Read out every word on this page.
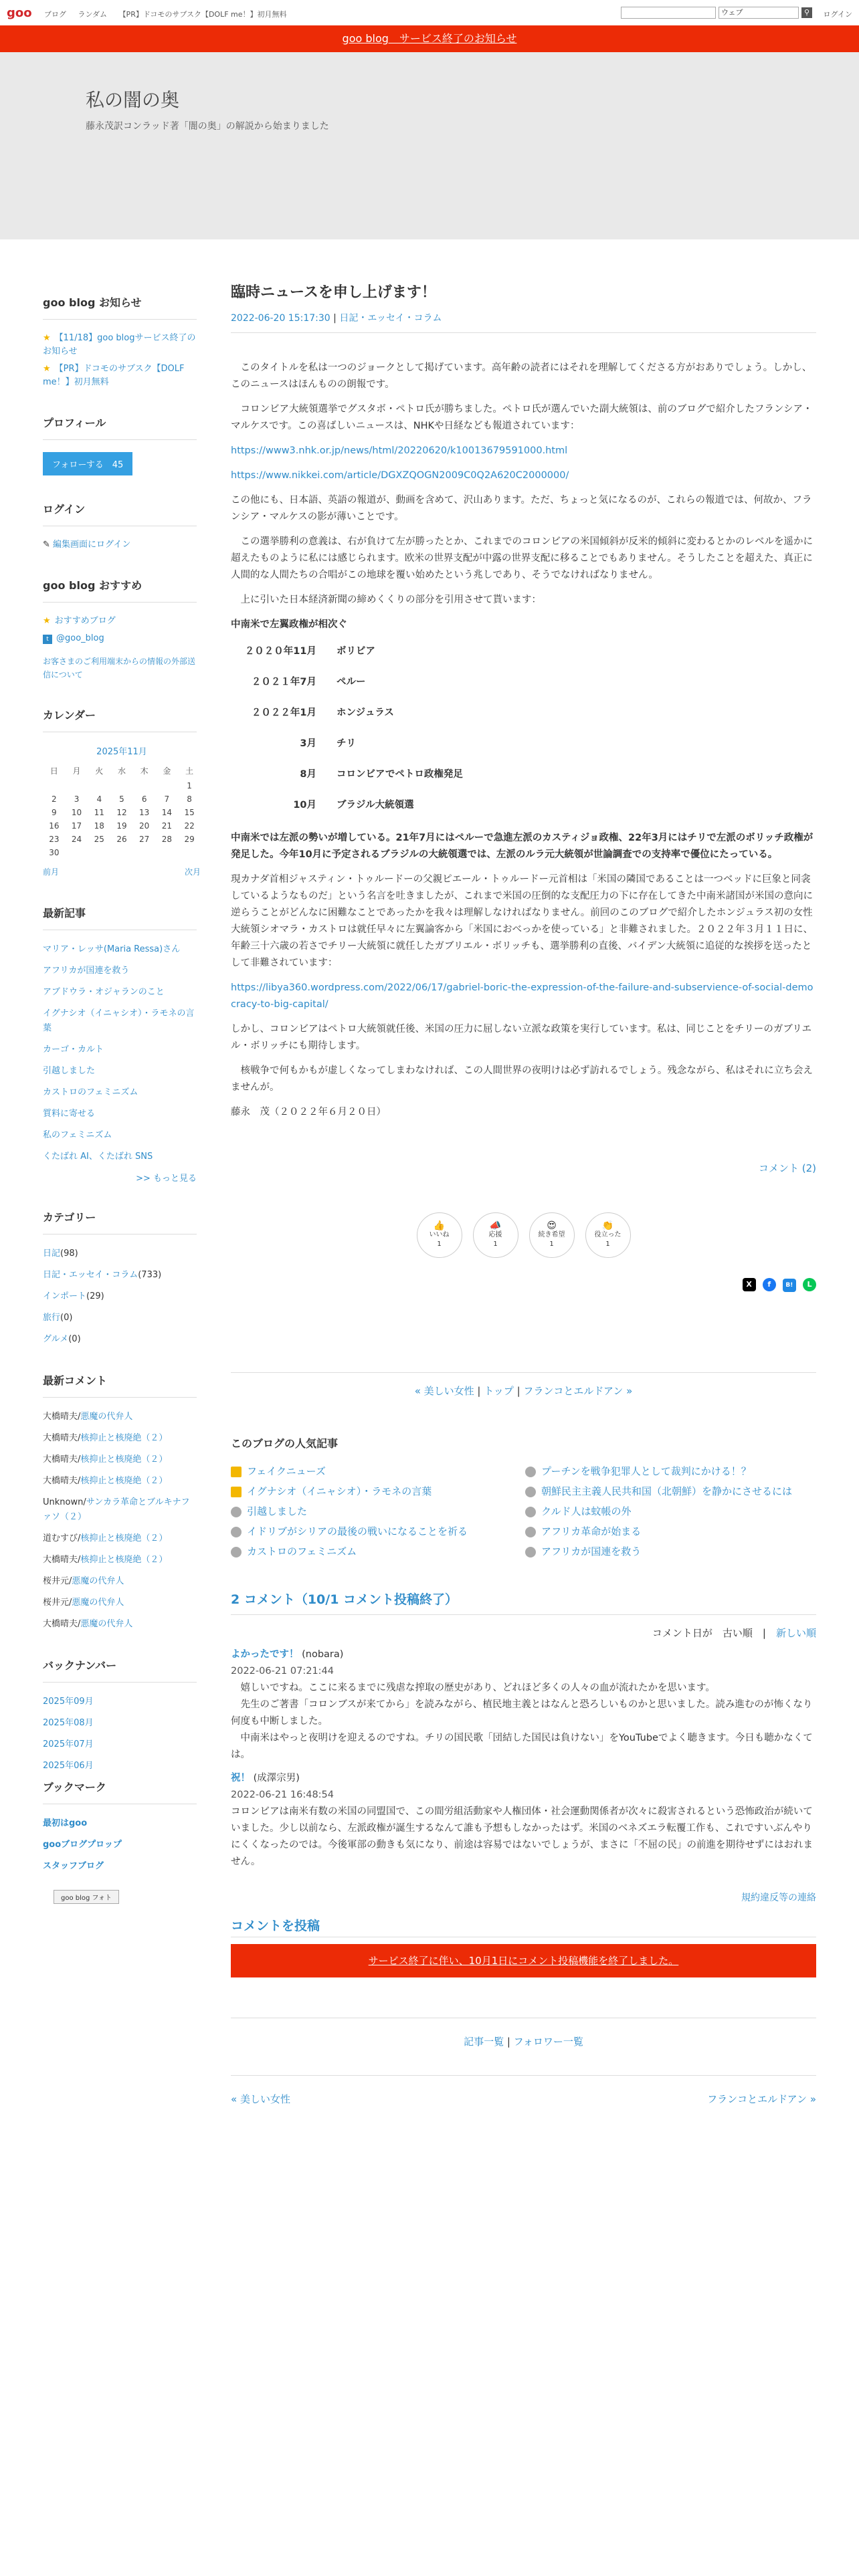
goo ブログ ランダム 【PR】ドコモのサブスク【DOLF me！】初月無料	ウェブ	⚲	ログイン
goo blog　サービス終了のお知らせ
私の闇の奥

藤永茂訳コンラッド著「闇の奥」の解説から始まりました

goo blog お知らせ
★ 【11/18】goo blogサービス終了のお知らせ
★ 【PR】ドコモのサブスク【DOLF me！】初月無料
プロフィール
フォローする　 45
ログイン
✎ 編集画面にログイン
goo blog おすすめ
★ おすすめブログ
t @goo_blog
お客さまのご利用端末からの情報の外部送信について
カレンダー
2025年11月
日	月	火	水	木	金	土
						1
2	3	4	5	6	7	8
9	10	11	12	13	14	15
16	17	18	19	20	21	22
23	24	25	26	27	28	29
30						
前月	次月
最新記事
マリア・レッサ(Maria Ressa)さん
アフリカが国連を救う
アブドウラ・オジャランのこと
イグナシオ（イニャシオ）・ラモネの言葉
カーゴ・カルト
引越しました
カストロのフェミニズム
質料に寄せる
私のフェミニズム
くたばれ AI、くたばれ SNS
>> もっと見る
カテゴリー
日記(98)
日記・エッセイ・コラム(733)
インポート(29)
旅行(0)
グルメ(0)
最新コメント
大橋晴夫/悪魔の代弁人
大橋晴夫/核抑止と核廃絶（２）
大橋晴夫/核抑止と核廃絶（２）
大橋晴夫/核抑止と核廃絶（２）
Unknown/サンカラ革命とブルキナファソ（２）
道むすび/核抑止と核廃絶（２）
大橋晴夫/核抑止と核廃絶（２）
桜井元/悪魔の代弁人
桜井元/悪魔の代弁人
大橋晴夫/悪魔の代弁人
バックナンバー
2025年09月
2025年08月
2025年07月
2025年06月
ブックマーク
最初はgoo
gooブログプロップ
スタッフブログ
goo blog フォト
臨時ニュースを申し上げます！
2022-06-20 15:17:30 | 日記・エッセイ・コラム

　このタイトルを私は一つのジョークとして掲げています。高年齢の読者にはそれを理解してくださる方がおありでしょう。しかし、このニュースはほんものの朗報です。

　コロンビア大統領選挙でグスタボ・ペトロ氏が勝ちました。ペトロ氏が選んでいた副大統領は、前のブログで紹介したフランシア・マルケスです。この喜ばしいニュースは、NHKや日経なども報道されています：

https://www3.nhk.or.jp/news/html/20220620/k10013679591000.html

https://www.nikkei.com/article/DGXZQOGN2009C0Q2A620C2000000/

この他にも、日本語、英語の報道が、動画を含めて、沢山あります。ただ、ちょっと気になるのが、これらの報道では、何故か、フランシア・マルケスの影が薄いことです。

　この選挙勝利の意義は、右が負けて左が勝ったとか、これまでのコロンビアの米国傾斜が反米的傾斜に変わるとかのレベルを遥かに超えたものように私には感じられます。欧米の世界支配が中露の世界支配に移ることでもありません。そうしたことを超えた、真正に人間的な人間たちの合唱がこの地球を覆い始めたという兆しであり、そうでなければなりません。

　上に引いた日本経済新聞の締めくくりの部分を引用させて貰います：

中南米で左翼政権が相次ぐ

２０２０年11月 ボリビア
２０２１年7月 ペルー
２０２２年1月 ホンジュラス
3月 チリ
8月 コロンビアでペトロ政権発足
10月 ブラジル大統領選

中南米では左派の勢いが増している。21年7月にはペルーで急進左派のカスティジョ政権、22年3月にはチリで左派のボリッチ政権が発足した。今年10月に予定されるブラジルの大統領選では、左派のルラ元大統領が世論調査での支持率で優位にたっている。

現カナダ首相ジャスティン・トゥルードーの父親ピエール・トゥルードー元首相は「米国の隣国であることは一つベッドに巨象と同衾しているようなものだ」という名言を吐きましたが、これまで米国の圧倒的な支配圧力の下に存在してきた中南米諸国が米国の意向に逆らうことがどんなに困難なことであったかを我々は理解しなければなりません。前回のこのブログで紹介したホンジュラス初の女性大統領シオマラ・カストロは就任早々に左翼論客から「米国におべっかを使っている」と非難されました。２０２２年３月１１日に、年齢三十六歳の若さでチリー大統領に就任したガブリエル・ボリッチも、選挙勝利の直後、バイデン大統領に追従的な挨拶を送ったとして非難されています：

https://libya360.wordpress.com/2022/06/17/gabriel-boric-the-expression-of-the-failure-and-subservience-of-social-democracy-to-big-capital/

しかし、コロンビアはペトロ大統領就任後、米国の圧力に屈しない立派な政策を実行しています。私は、同じことをチリーのガブリエル・ボリッチにも期待します。

　核戦争で何もかもが虚しくなってしまわなければ、この人間世界の夜明けは必ず訪れるでしょう。残念ながら、私はそれに立ち会えませんが。

藤永　茂（２０２２年６月２０日）

コメント (2)
👍
いいね
1
📣
応援
1
😍
続き希望
1
👏
役立った
1
X f B! L
« 美しい女性 | トップ | フランコとエルドアン »
このブログの人気記事
フェイクニューズ
イグナシオ（イニャシオ）・ラモネの言葉
引越しました
イドリブがシリアの最後の戦いになることを祈る
カストロのフェミニズム
プーチンを戦争犯罪人として裁判にかける！？
朝鮮民主主義人民共和国（北朝鮮）を静かにさせるには
クルド人は蚊帳の外
アフリカ革命が始まる
アフリカが国連を救う
2 コメント（10/1 コメント投稿終了）
コメント日が　 古い順　|　新しい順
よかったです！ (nobara)
2022-06-21 07:21:44
　嬉しいですね。ここに来るまでに残虐な搾取の歴史があり、どれほど多くの人々の血が流れたかを思います。
　先生のご著書「コロンブスが来てから」を読みながら、植民地主義とはなんと恐ろしいものかと思いました。読み進むのが怖くなり何度も中断しました。
　中南米はやっと夜明けを迎えるのですね。チリの国民歌「団結した国民は負けない」をYouTubeでよく聴きます。今日も聴かなくては。
祝！ (成澤宗男)
2022-06-21 16:48:54
コロンビアは南米有数の米国の同盟国で、この間労組活動家や人権団体・社会運動関係者が次々に殺害されるという恐怖政治が続いていました。少し以前なら、左派政権が誕生するなんて誰も予想もしなかったはず。米国のベネズエラ転覆工作も、これですいぶんやりにくくなったのでは。今後軍部の動きも気になり、前途は容易ではないでしょうが、まさに「不屈の民」の前進を期待せずにはおれません。
規約違反等の連絡
コメントを投稿
サービス終了に伴い、10月1日にコメント投稿機能を終了しました。
記事一覧 | フォロワー一覧
« 美しい女性	フランコとエルドアン »
